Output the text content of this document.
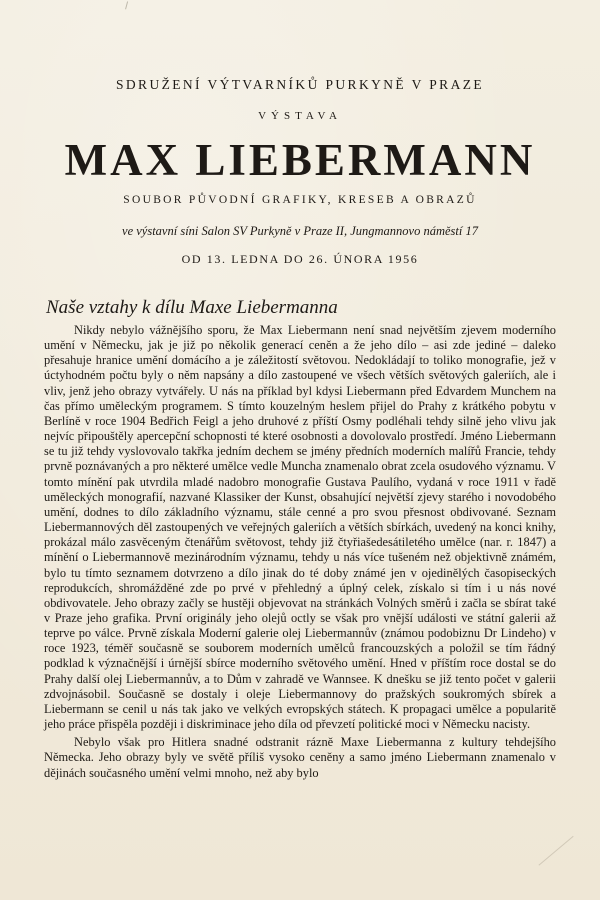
SDRUŽENÍ VÝTVARNÍKŮ PURKYNĚ V PRAZE
VÝSTAVA
MAX LIEBERMANN
SOUBOR PŮVODNÍ GRAFIKY, KRESEB A OBRAZŮ
ve výstavní síni Salon SV Purkyně v Praze II, Jungmannovo náměstí 17
OD 13. LEDNA DO 26. ÚNORA 1956
Naše vztahy k dílu Maxe Liebermanna

Nikdy nebylo vážnějšího sporu, že Max Liebermann není snad největším zjevem moderního umění v Německu, jak je již po několik generací ceněn a že jeho dílo – asi zde jediné – daleko přesahuje hranice umění domácího a je záležitostí světovou. Nedokládají to toliko monografie, jež v úctyhodném počtu byly o něm napsány a dílo zastoupené ve všech větších světových galeriích, ale i vliv, jenž jeho obrazy vytvářely. U nás na příklad byl kdysi Liebermann před Edvardem Munchem na čas přímo uměleckým programem. S tímto kouzelným heslem přijel do Prahy z krátkého pobytu v Berlíně v roce 1904 Bedřich Feigl a jeho druhové z příští Osmy podléhali tehdy silně jeho vlivu jak nejvíc připouštěly apercepční schopnosti té které osobnosti a dovolovalo prostředí. Jméno Liebermann se tu již tehdy vyslovovalo takřka jedním dechem se jmény předních moderních malířů Francie, tehdy prvně poznávaných a pro některé umělce vedle Muncha znamenalo obrat zcela osudového významu. V tomto mínění pak utvrdila mladé nadobro monografie Gustava Paulího, vydaná v roce 1911 v řadě uměleckých monografií, nazvané Klassiker der Kunst, obsahující největší zjevy starého i novodobého umění, dodnes to dílo základního významu, stále cenné a pro svou přesnost obdivované. Seznam Liebermannových děl zastoupených ve veřejných galeriích a větších sbírkách, uvedený na konci knihy, prokázal málo zasvěceným čtenářům světovost, tehdy již čtyřiašedesátiletého umělce (nar. r. 1847) a mínění o Liebermannově mezinárodním významu, tehdy u nás více tušeném než objektivně známém, bylo tu tímto seznamem dotvrzeno a dílo jinak do té doby známé jen v ojedinělých časopiseckých reprodukcích, shromážděné zde po prvé v přehledný a úplný celek, získalo si tím i u nás nové obdivovatele. Jeho obrazy začly se hustěji objevovat na stránkách Volných směrů i začla se sbírat také v Praze jeho grafika. První originály jeho olejů octly se však pro vnější události ve státní galerii až teprve po válce. Prvně získala Moderní galerie olej Liebermannův (známou podobiznu Dr Lindeho) v roce 1923, téměř současně se souborem moderních umělců francouzských a položil se tím řádný podklad k význačnější i úrnější sbírce moderního světového umění. Hned v příštím roce dostal se do Prahy další olej Liebermannův, a to Dům v zahradě ve Wannsee. K dnešku se již tento počet v galerii zdvojnásobil. Současně se dostaly i oleje Liebermannovy do pražských soukromých sbírek a Liebermann se cenil u nás tak jako ve velkých evropských státech. K propagaci umělce a popularitě jeho práce přispěla později i diskriminace jeho díla od převzetí politické moci v Německu nacisty.

Nebylo však pro Hitlera snadné odstranit rázně Maxe Liebermanna z kultury tehdejšího Německa. Jeho obrazy byly ve světě příliš vysoko ceněny a samo jméno Liebermann znamenalo v dějinách současného umění velmi mnoho, než aby bylo
